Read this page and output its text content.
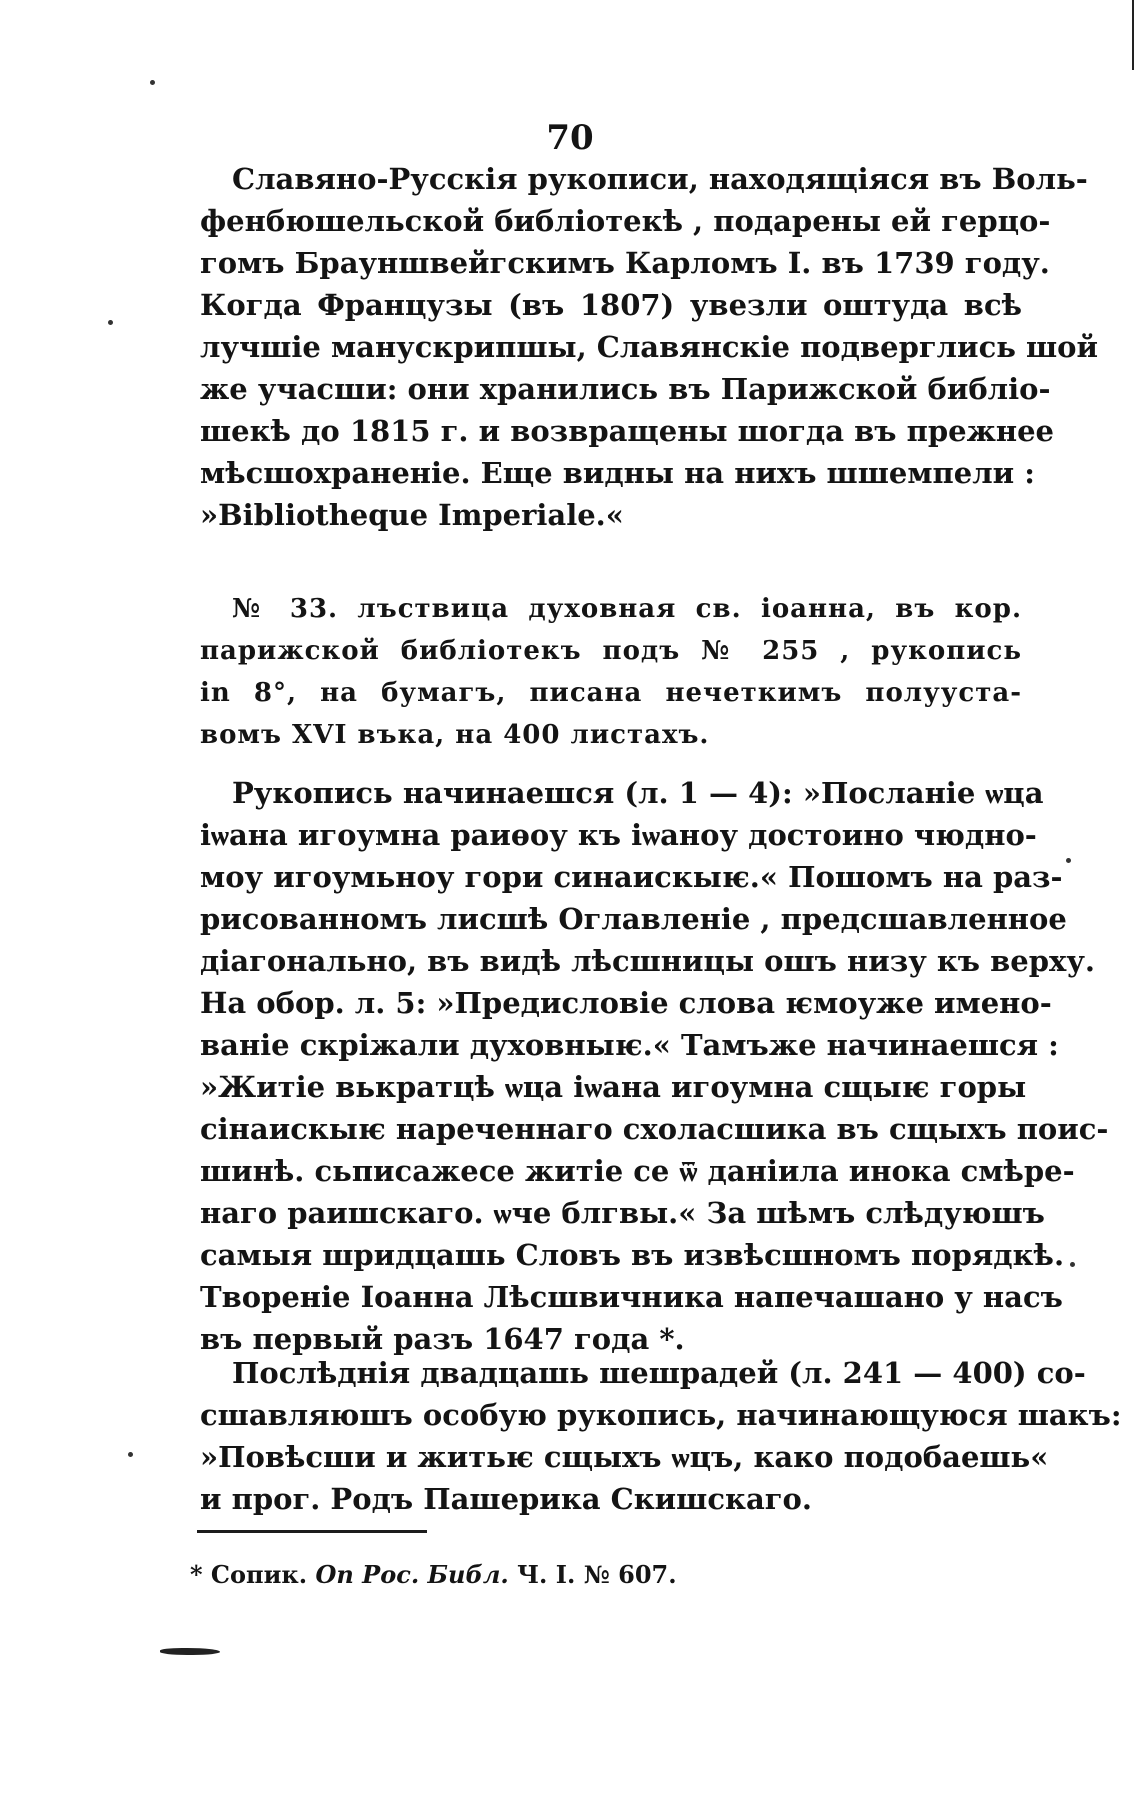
70
Славяно-Русскія рукописи, находящіяся въ Воль-
фенбюшельской библіотекѣ , подарены ей герцо-
гомъ Брауншвейгскимъ Карломъ I. въ 1739 году.
Когда Французы (въ 1807) увезли оштуда всѣ
лучшіе манускрипшы, Славянскіе подверглись шой
же учасши: они хранились въ Парижской библіо-
шекѣ до 1815 г. и возвращены шогда въ прежнее
мѣсшохраненіе. Еще видны на нихъ шшемпели :
»Bibliotheque Imperiale.«
№ 33. лъствица духовная св. іоанна, въ кор.
парижской библіотекъ подъ № 255 , рукопись
in 8°, на бумагъ, писана нечеткимъ полууста-
вомъ XVI въка, на 400 листахъ.
Рукопись начинаешся (л. 1 — 4): »Посланіе ѡца
іѡана игоумна раиѳоу къ іѡаноу достоино чюдно-
моу игоумьноу гори синаискыѥ.« Пошомъ на раз-
рисованномъ лисшѣ Оглавленіе , предсшавленное
діагонально, въ видѣ лѣсшницы ошъ низу къ верху.
На обор. л. 5: »Предисловіе слова ѥмоуже имено-
ваніе скріжали духовныѥ.« Тамъже начинаешся :
»Житіе вькратцѣ ѡца іѡана игоумна сщыѥ горы
сінаискыѥ нареченнаго схоласшика въ сщыхъ поис-
шинѣ. сьписажесе житіе се ѿ даніила инока смѣре-
наго раишскаго. ѡче блгвы.« За шѣмъ слѣдуюшъ
самыя шридцашь Словъ въ извѣсшномъ порядкѣ.
Твореніе Іоанна Лѣсшвичника напечашано у насъ
въ первый разъ 1647 года *.
Послѣднія двадцашь шешрадей (л. 241 — 400) со-
сшавляюшъ особую рукопись, начинающуюся шакъ:
»Повѣсши и житьѥ сщыхъ ѡцъ, како подобаешь«
и прог. Родъ Пашерика Скишскаго.
* Сопик. Оп Рос. Библ. Ч. I. № 607.
